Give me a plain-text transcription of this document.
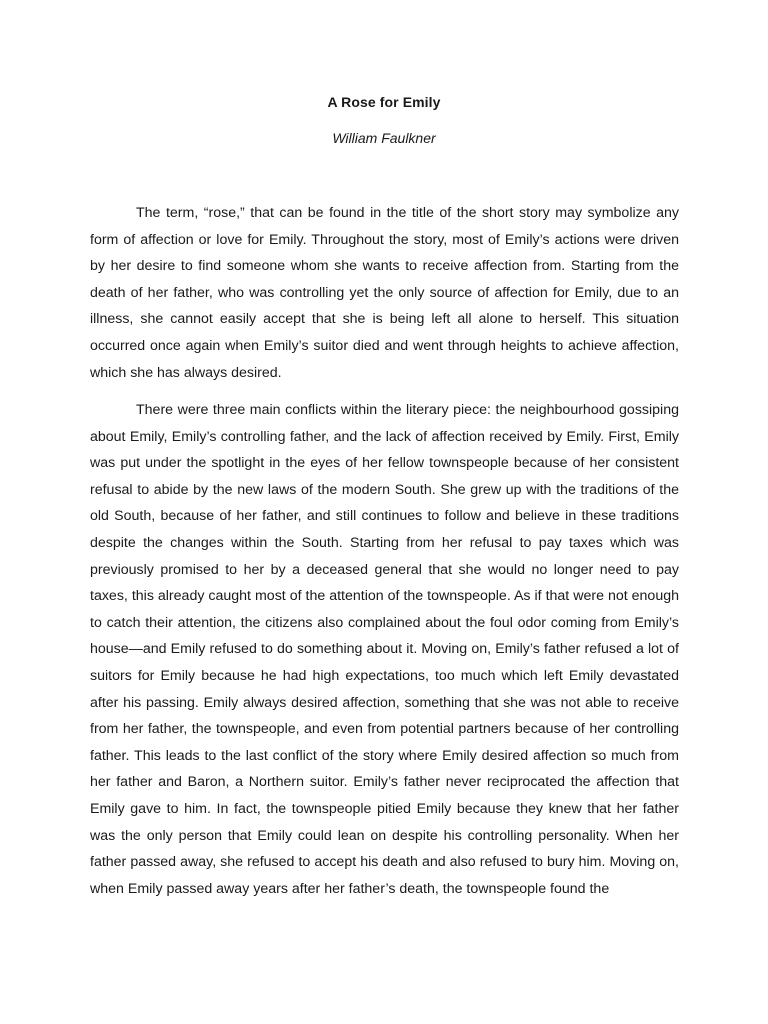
A Rose for Emily
William Faulkner

The term, “rose,” that can be found in the title of the short story may symbolize any form of affection or love for Emily. Throughout the story, most of Emily’s actions were driven by her desire to find someone whom she wants to receive affection from. Starting from the death of her father, who was controlling yet the only source of affection for Emily, due to an illness, she cannot easily accept that she is being left all alone to herself. This situation occurred once again when Emily’s suitor died and went through heights to achieve affection, which she has always desired.

There were three main conflicts within the literary piece: the neighbourhood gossiping about Emily, Emily’s controlling father, and the lack of affection received by Emily. First, Emily was put under the spotlight in the eyes of her fellow townspeople because of her consistent refusal to abide by the new laws of the modern South. She grew up with the traditions of the old South, because of her father, and still continues to follow and believe in these traditions despite the changes within the South. Starting from her refusal to pay taxes which was previously promised to her by a deceased general that she would no longer need to pay taxes, this already caught most of the attention of the townspeople. As if that were not enough to catch their attention, the citizens also complained about the foul odor coming from Emily’s house—and Emily refused to do something about it. Moving on, Emily’s father refused a lot of suitors for Emily because he had high expectations, too much which left Emily devastated after his passing. Emily always desired affection, something that she was not able to receive from her father, the townspeople, and even from potential partners because of her controlling father. This leads to the last conflict of the story where Emily desired affection so much from her father and Baron, a Northern suitor. Emily’s father never reciprocated the affection that Emily gave to him. In fact, the townspeople pitied Emily because they knew that her father was the only person that Emily could lean on despite his controlling personality. When her father passed away, she refused to accept his death and also refused to bury him. Moving on, when Emily passed away years after her father’s death, the townspeople found the
